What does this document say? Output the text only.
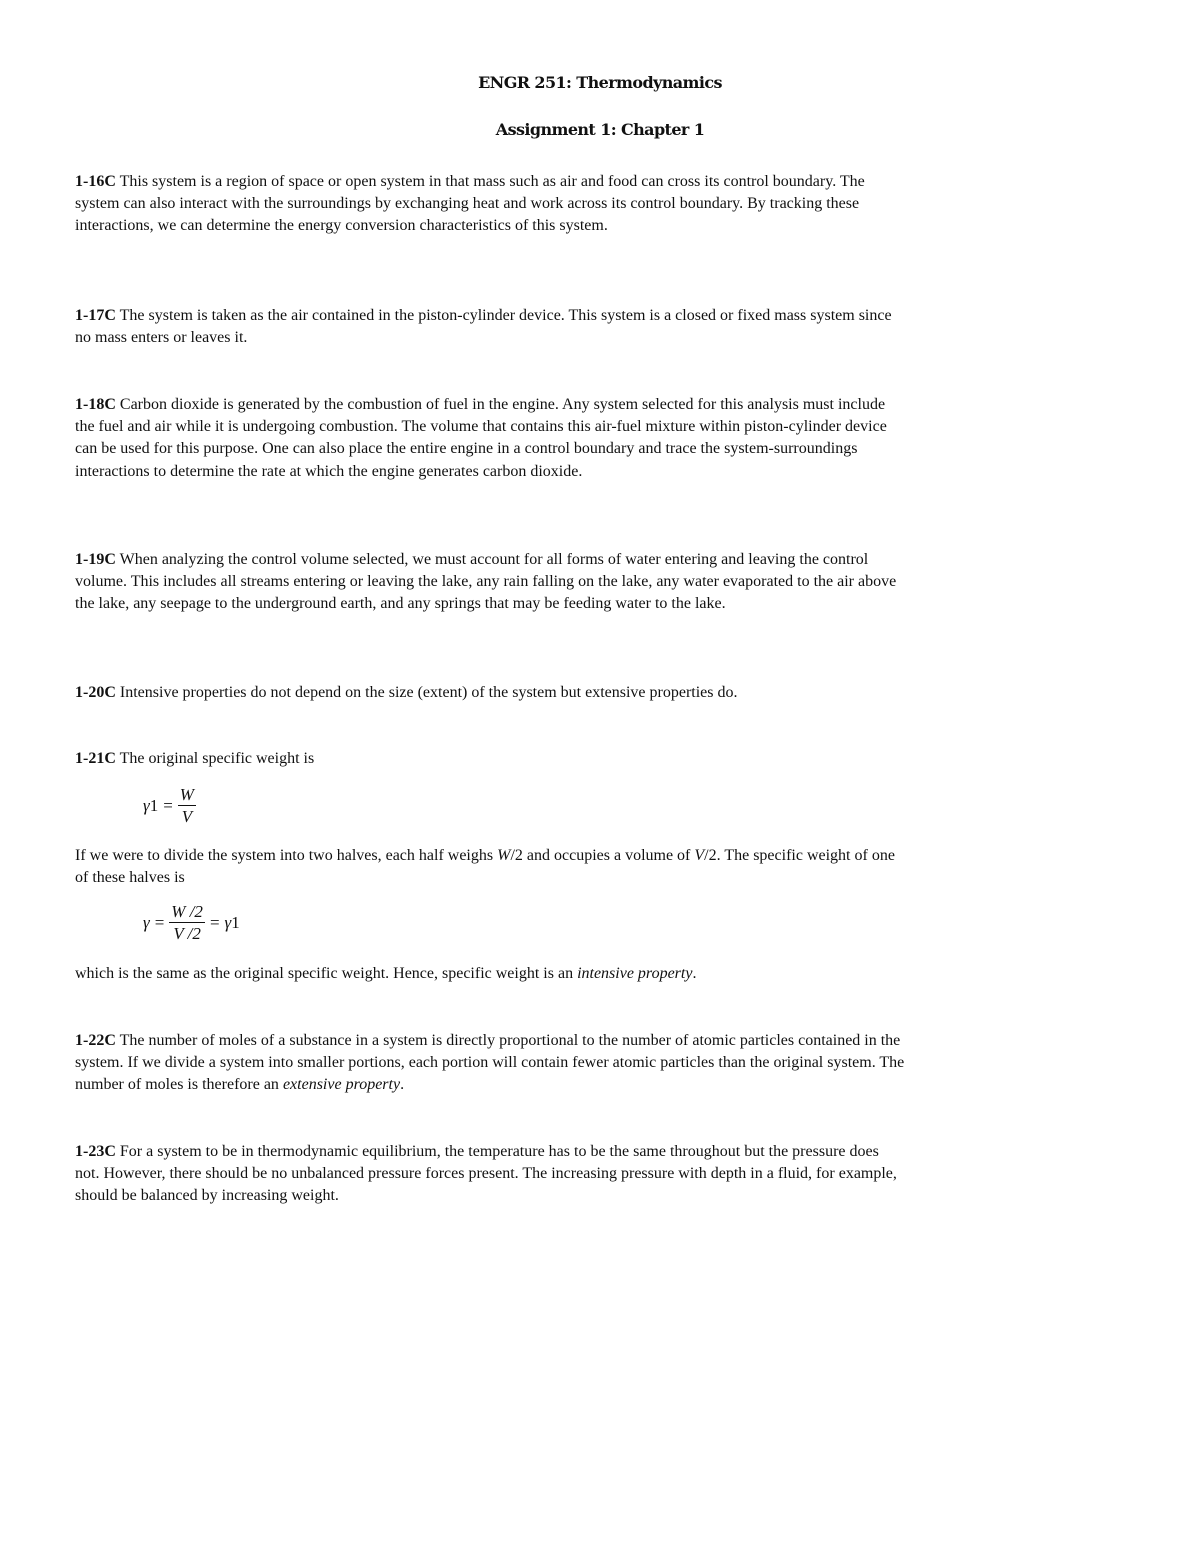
ENGR 251: Thermodynamics
Assignment 1: Chapter 1

1-16C This system is a region of space or open system in that mass such as air and food can cross its control boundary. The system can also interact with the surroundings by exchanging heat and work across its control boundary. By tracking these interactions, we can determine the energy conversion characteristics of this system.

1-17C The system is taken as the air contained in the piston-cylinder device. This system is a closed or fixed mass system since no mass enters or leaves it.

1-18C Carbon dioxide is generated by the combustion of fuel in the engine. Any system selected for this analysis must include the fuel and air while it is undergoing combustion. The volume that contains this air-fuel mixture within piston-cylinder device can be used for this purpose. One can also place the entire engine in a control boundary and trace the system-surroundings interactions to determine the rate at which the engine generates carbon dioxide.

1-19C When analyzing the control volume selected, we must account for all forms of water entering and leaving the control volume. This includes all streams entering or leaving the lake, any rain falling on the lake, any water evaporated to the air above the lake, any seepage to the underground earth, and any springs that may be feeding water to the lake.

1-20C Intensive properties do not depend on the size (extent) of the system but extensive properties do.

1-21C The original specific weight is

γ $1 = \frac{W}{V}$

If we were to divide the system into two halves, each half weighs W/2 and occupies a volume of V/2. The specific weight of one of these halves is

$\gamma = \frac{W /2}{V /2} = \gamma$ 1

which is the same as the original specific weight. Hence, specific weight is an intensive property.

1-22C The number of moles of a substance in a system is directly proportional to the number of atomic particles contained in the system. If we divide a system into smaller portions, each portion will contain fewer atomic particles than the original system. The number of moles is therefore an extensive property.

1-23C For a system to be in thermodynamic equilibrium, the temperature has to be the same throughout but the pressure does not. However, there should be no unbalanced pressure forces present. The increasing pressure with depth in a fluid, for example, should be balanced by increasing weight.
